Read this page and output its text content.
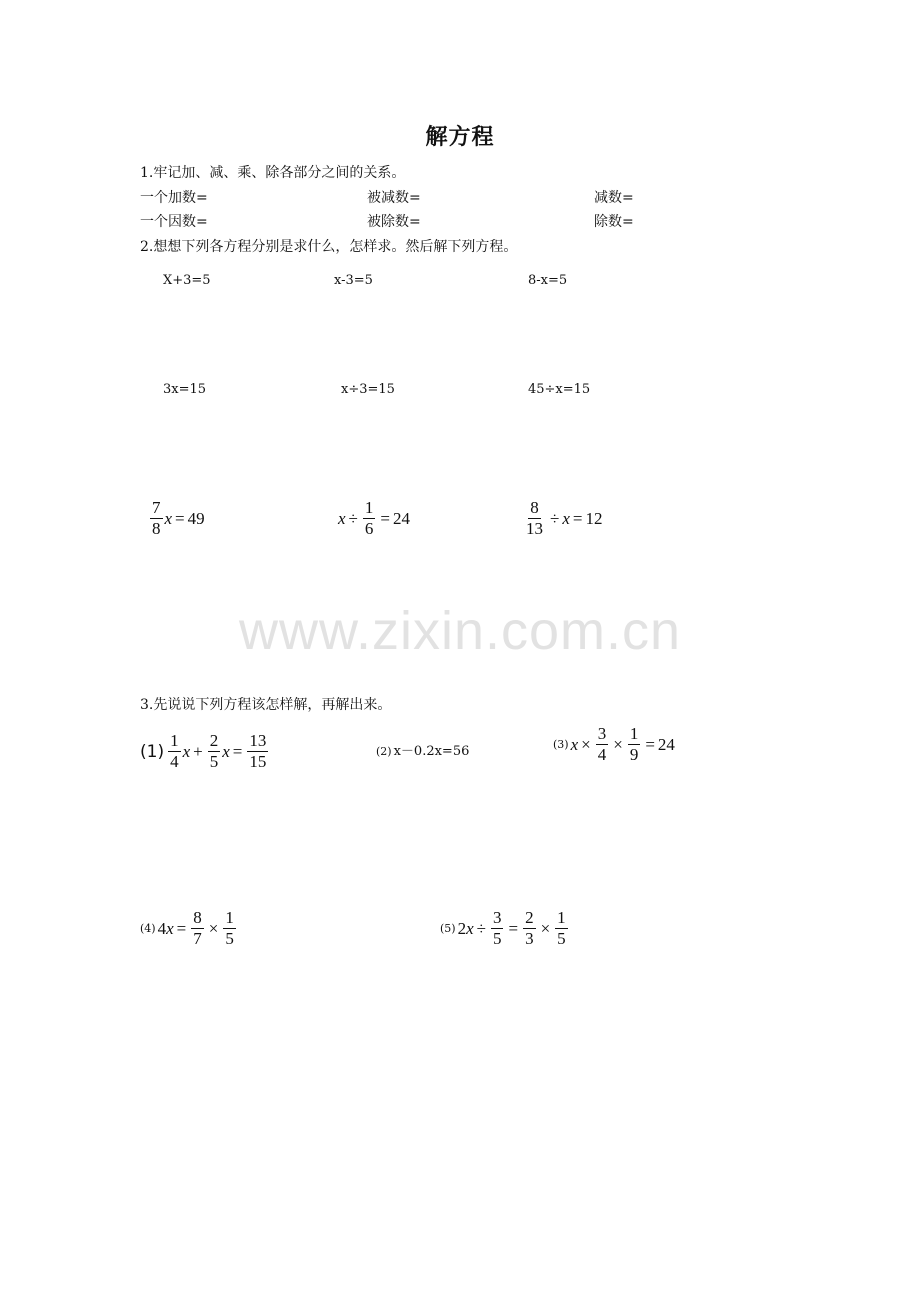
解方程
1.牢记加、减、乘、除各部分之间的关系。
一个加数=	被减数=	减数=
一个因数=	被除数=	除数=
2.想想下列各方程分别是求什么，怎样求。然后解下列方程。
X+3=5	x-3=5	8-x=5
3x=15	x÷3=15	45÷x=15
$\frac{7}{8}$ x = 49	$x \div \frac{1}{6} = 24$	$\frac{8}{13} \div x = 12$
www.zixin.com.cn
3.先说说下列方程该怎样解，再解出来。
$(1) \frac{1}{4}$ $x + \frac{2}{5}$ $x = \frac{13}{15}$	(2) x－0.2x=56	(3) $x \times \frac{3}{4} \times \frac{1}{9} = 24$
(4) 4 $x = \frac{8}{7} \times \frac{1}{5}$	(5) 2 $x \div \frac{3}{5} = \frac{2}{3} \times \frac{1}{5}$
